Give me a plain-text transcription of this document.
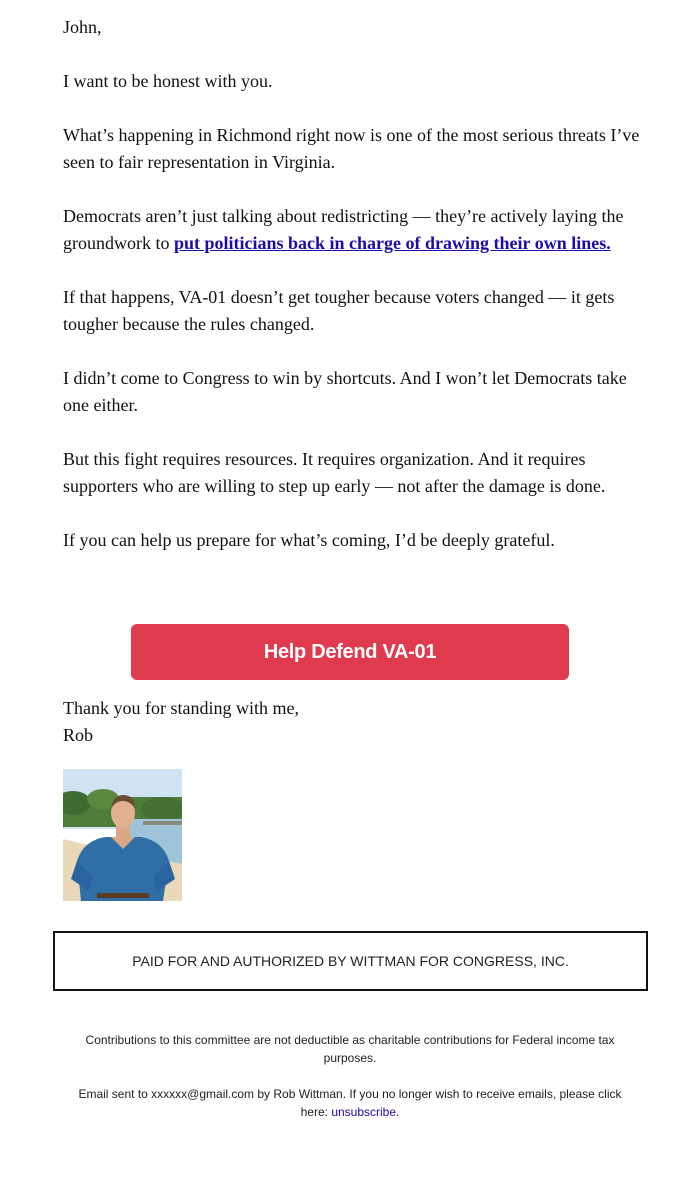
John,

I want to be honest with you.

What’s happening in Richmond right now is one of the most serious threats I’ve seen to fair representation in Virginia.

Democrats aren’t just talking about redistricting — they’re actively laying the groundwork to put politicians back in charge of drawing their own lines.

If that happens, VA-01 doesn’t get tougher because voters changed — it gets tougher because the rules changed.

I didn’t come to Congress to win by shortcuts. And I won’t let Democrats take one either.

But this fight requires resources. It requires organization. And it requires supporters who are willing to step up early — not after the damage is done.

If you can help us prepare for what’s coming, I’d be deeply grateful.

Help Defend VA-01
Thank you for standing with me,
Rob
PAID FOR AND AUTHORIZED BY WITTMAN FOR CONGRESS, INC.
Contributions to this committee are not deductible as charitable contributions for Federal income tax purposes.
Email sent to xxxxxx@gmail.com by Rob Wittman. If you no longer wish to receive emails, please click here: unsubscribe.
